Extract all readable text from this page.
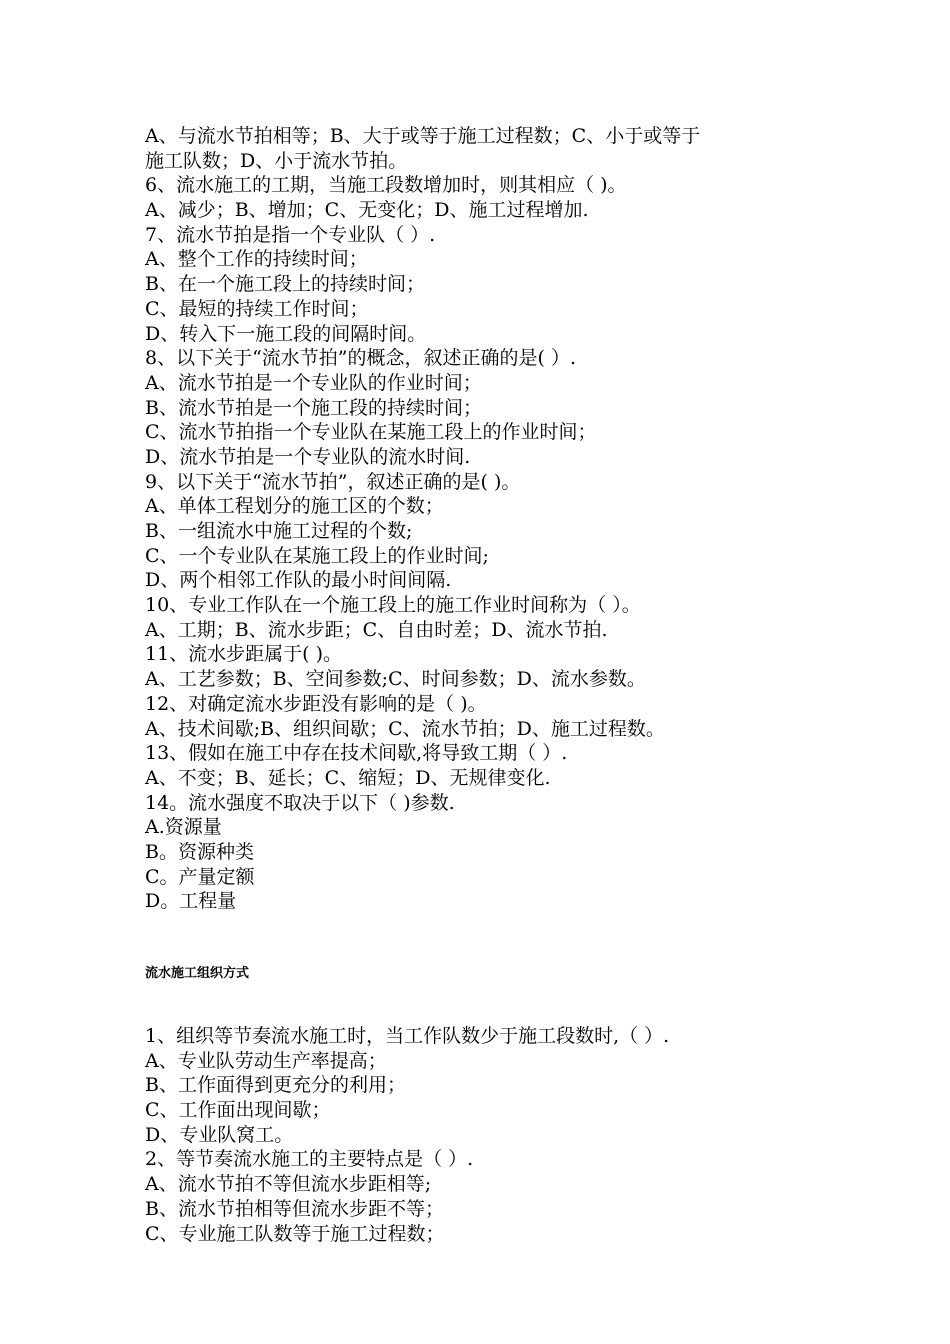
A、与流水节拍相等；B、大于或等于施工过程数；C、小于或等于
施工队数；D、小于流水节拍。
6、流水施工的工期，当施工段数增加时，则其相应（ )。
A、减少；B、增加；C、无变化；D、施工过程增加.
7、流水节拍是指一个专业队（ ）.
A、整个工作的持续时间；
B、在一个施工段上的持续时间；
C、最短的持续工作时间；
D、转入下一施工段的间隔时间。
8、以下关于“流水节拍”的概念，叙述正确的是( ）.
A、流水节拍是一个专业队的作业时间；
B、流水节拍是一个施工段的持续时间；
C、流水节拍指一个专业队在某施工段上的作业时间；
D、流水节拍是一个专业队的流水时间.
9、以下关于“流水节拍”，叙述正确的是( )。
A、单体工程划分的施工区的个数；
B、一组流水中施工过程的个数;
C、一个专业队在某施工段上的作业时间;
D、两个相邻工作队的最小时间间隔.
10、专业工作队在一个施工段上的施工作业时间称为（ ）。
A、工期；B、流水步距；C、自由时差；D、流水节拍.
11、流水步距属于( )。
A、工艺参数；B、空间参数;C、时间参数；D、流水参数。
12、对确定流水步距没有影响的是（ )。
A、技术间歇;B、组织间歇；C、流水节拍；D、施工过程数。
13、假如在施工中存在技术间歇,将导致工期（ ）.
A、不变；B、延长；C、缩短；D、无规律变化.
14。流水强度不取决于以下（ )参数.
A.资源量
B。资源种类
C。产量定额
D。工程量
流水施工组织方式
1、组织等节奏流水施工时，当工作队数少于施工段数时,（ ）.
A、专业队劳动生产率提高；
B、工作面得到更充分的利用；
C、工作面出现间歇；
D、专业队窝工。
2、等节奏流水施工的主要特点是（ ）.
A、流水节拍不等但流水步距相等;
B、流水节拍相等但流水步距不等；
C、专业施工队数等于施工过程数；
